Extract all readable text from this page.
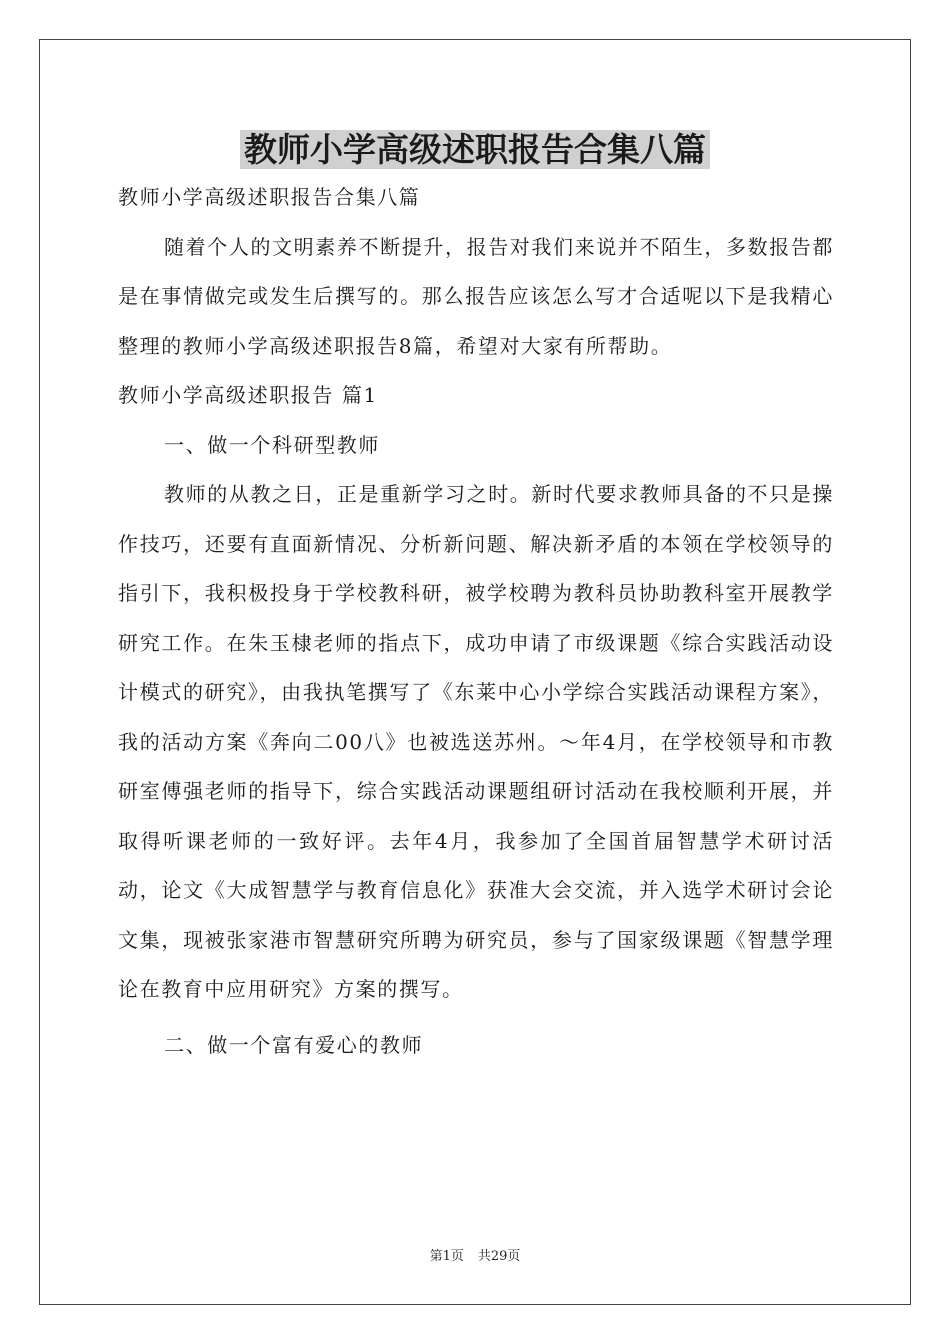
教师小学高级述职报告合集八篇

教师小学高级述职报告合集八篇

随着个人的文明素养不断提升，报告对我们来说并不陌生，多数报告都是在事情做完或发生后撰写的。那么报告应该怎么写才合适呢以下是我精心整理的教师小学高级述职报告8篇，希望对大家有所帮助。

教师小学高级述职报告 篇1

一、做一个科研型教师

教师的从教之日，正是重新学习之时。新时代要求教师具备的不只是操作技巧，还要有直面新情况、分析新问题、解决新矛盾的本领在学校领导的指引下，我积极投身于学校教科研，被学校聘为教科员协助教科室开展教学研究工作。在朱玉棣老师的指点下，成功申请了市级课题《综合实践活动设计模式的研究》，由我执笔撰写了《东莱中心小学综合实践活动课程方案》，我的活动方案《奔向二00八》也被选送苏州。～年4月，在学校领导和市教研室傅强老师的指导下，综合实践活动课题组研讨活动在我校顺利开展，并取得听课老师的一致好评。去年4月，我参加了全国首届智慧学术研讨活动，论文《大成智慧学与教育信息化》获准大会交流，并入选学术研讨会论文集，现被张家港市智慧研究所聘为研究员，参与了国家级课题《智慧学理论在教育中应用研究》方案的撰写。

二、做一个富有爱心的教师

第1页 共29页
